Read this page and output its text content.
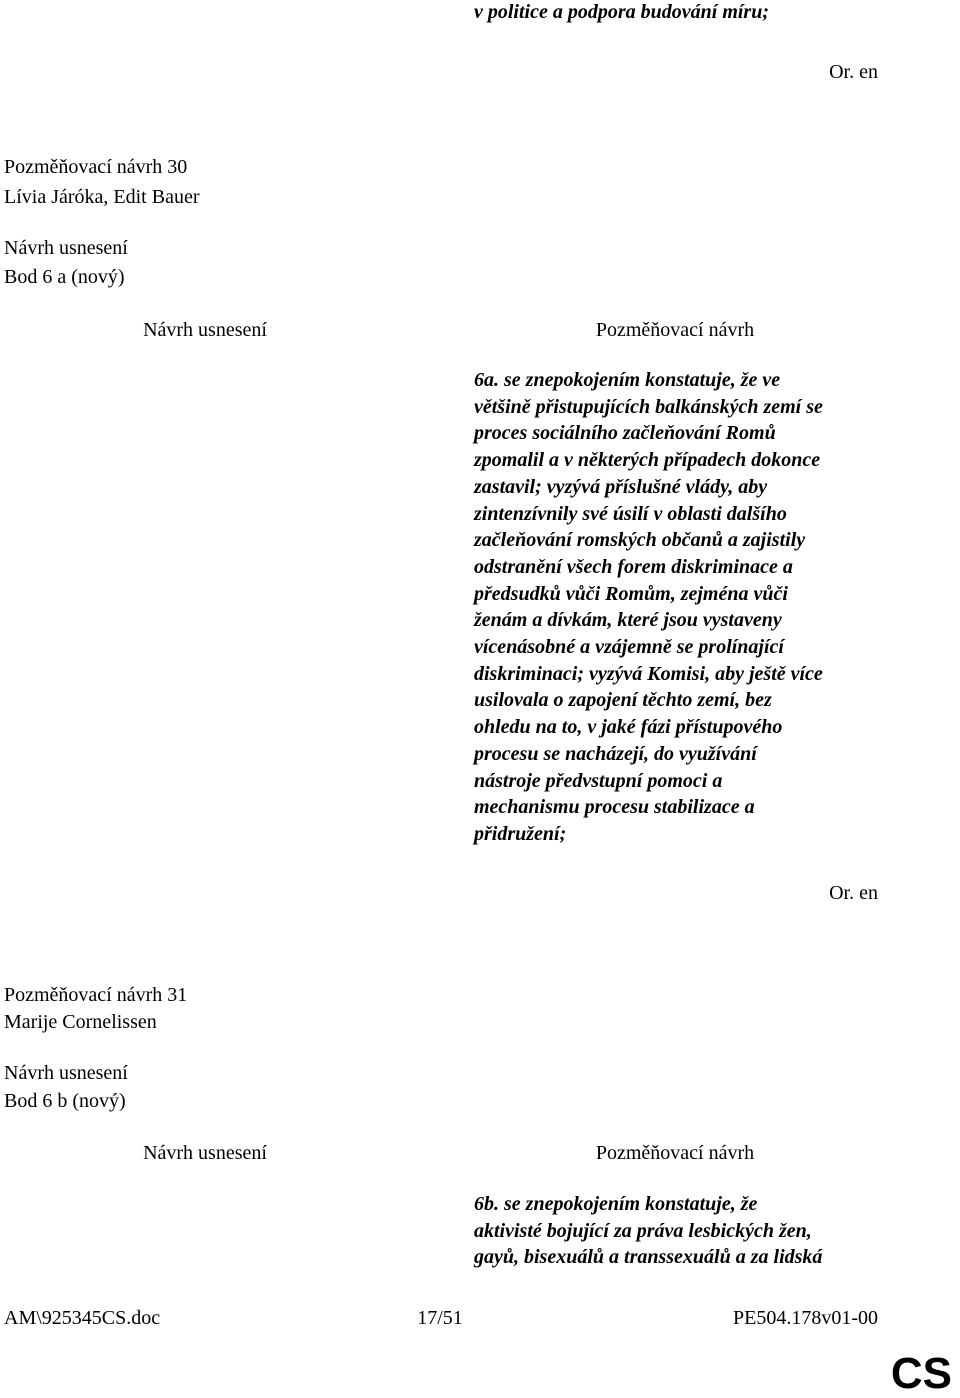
v politice a podpora budování míru;
Or. en
Pozměňovací návrh 30
Lívia Járóka, Edit Bauer
Návrh usnesení
Bod 6 a (nový)
Návrh usnesení	Pozměňovací návrh
6a. se znepokojením konstatuje, že ve
většině přistupujících balkánských zemí se
proces sociálního začleňování Romů
zpomalil a v některých případech dokonce
zastavil; vyzývá příslušné vlády, aby
zintenzívnily své úsilí v oblasti dalšího
začleňování romských občanů a zajistily
odstranění všech forem diskriminace a
předsudků vůči Romům, zejména vůči
ženám a dívkám, které jsou vystaveny
vícenásobné a vzájemně se prolínající
diskriminaci; vyzývá Komisi, aby ještě více
usilovala o zapojení těchto zemí, bez
ohledu na to, v jaké fázi přístupového
procesu se nacházejí, do využívání
nástroje předvstupní pomoci a
mechanismu procesu stabilizace a
přidružení;
Or. en
Pozměňovací návrh 31
Marije Cornelissen
Návrh usnesení
Bod 6 b (nový)
Návrh usnesení	Pozměňovací návrh
6b. se znepokojením konstatuje, že
aktivisté bojující za práva lesbických žen,
gayů, bisexuálů a transsexuálů a za lidská
AM\925345CS.doc	17/51	PE504.178v01-00
CS
